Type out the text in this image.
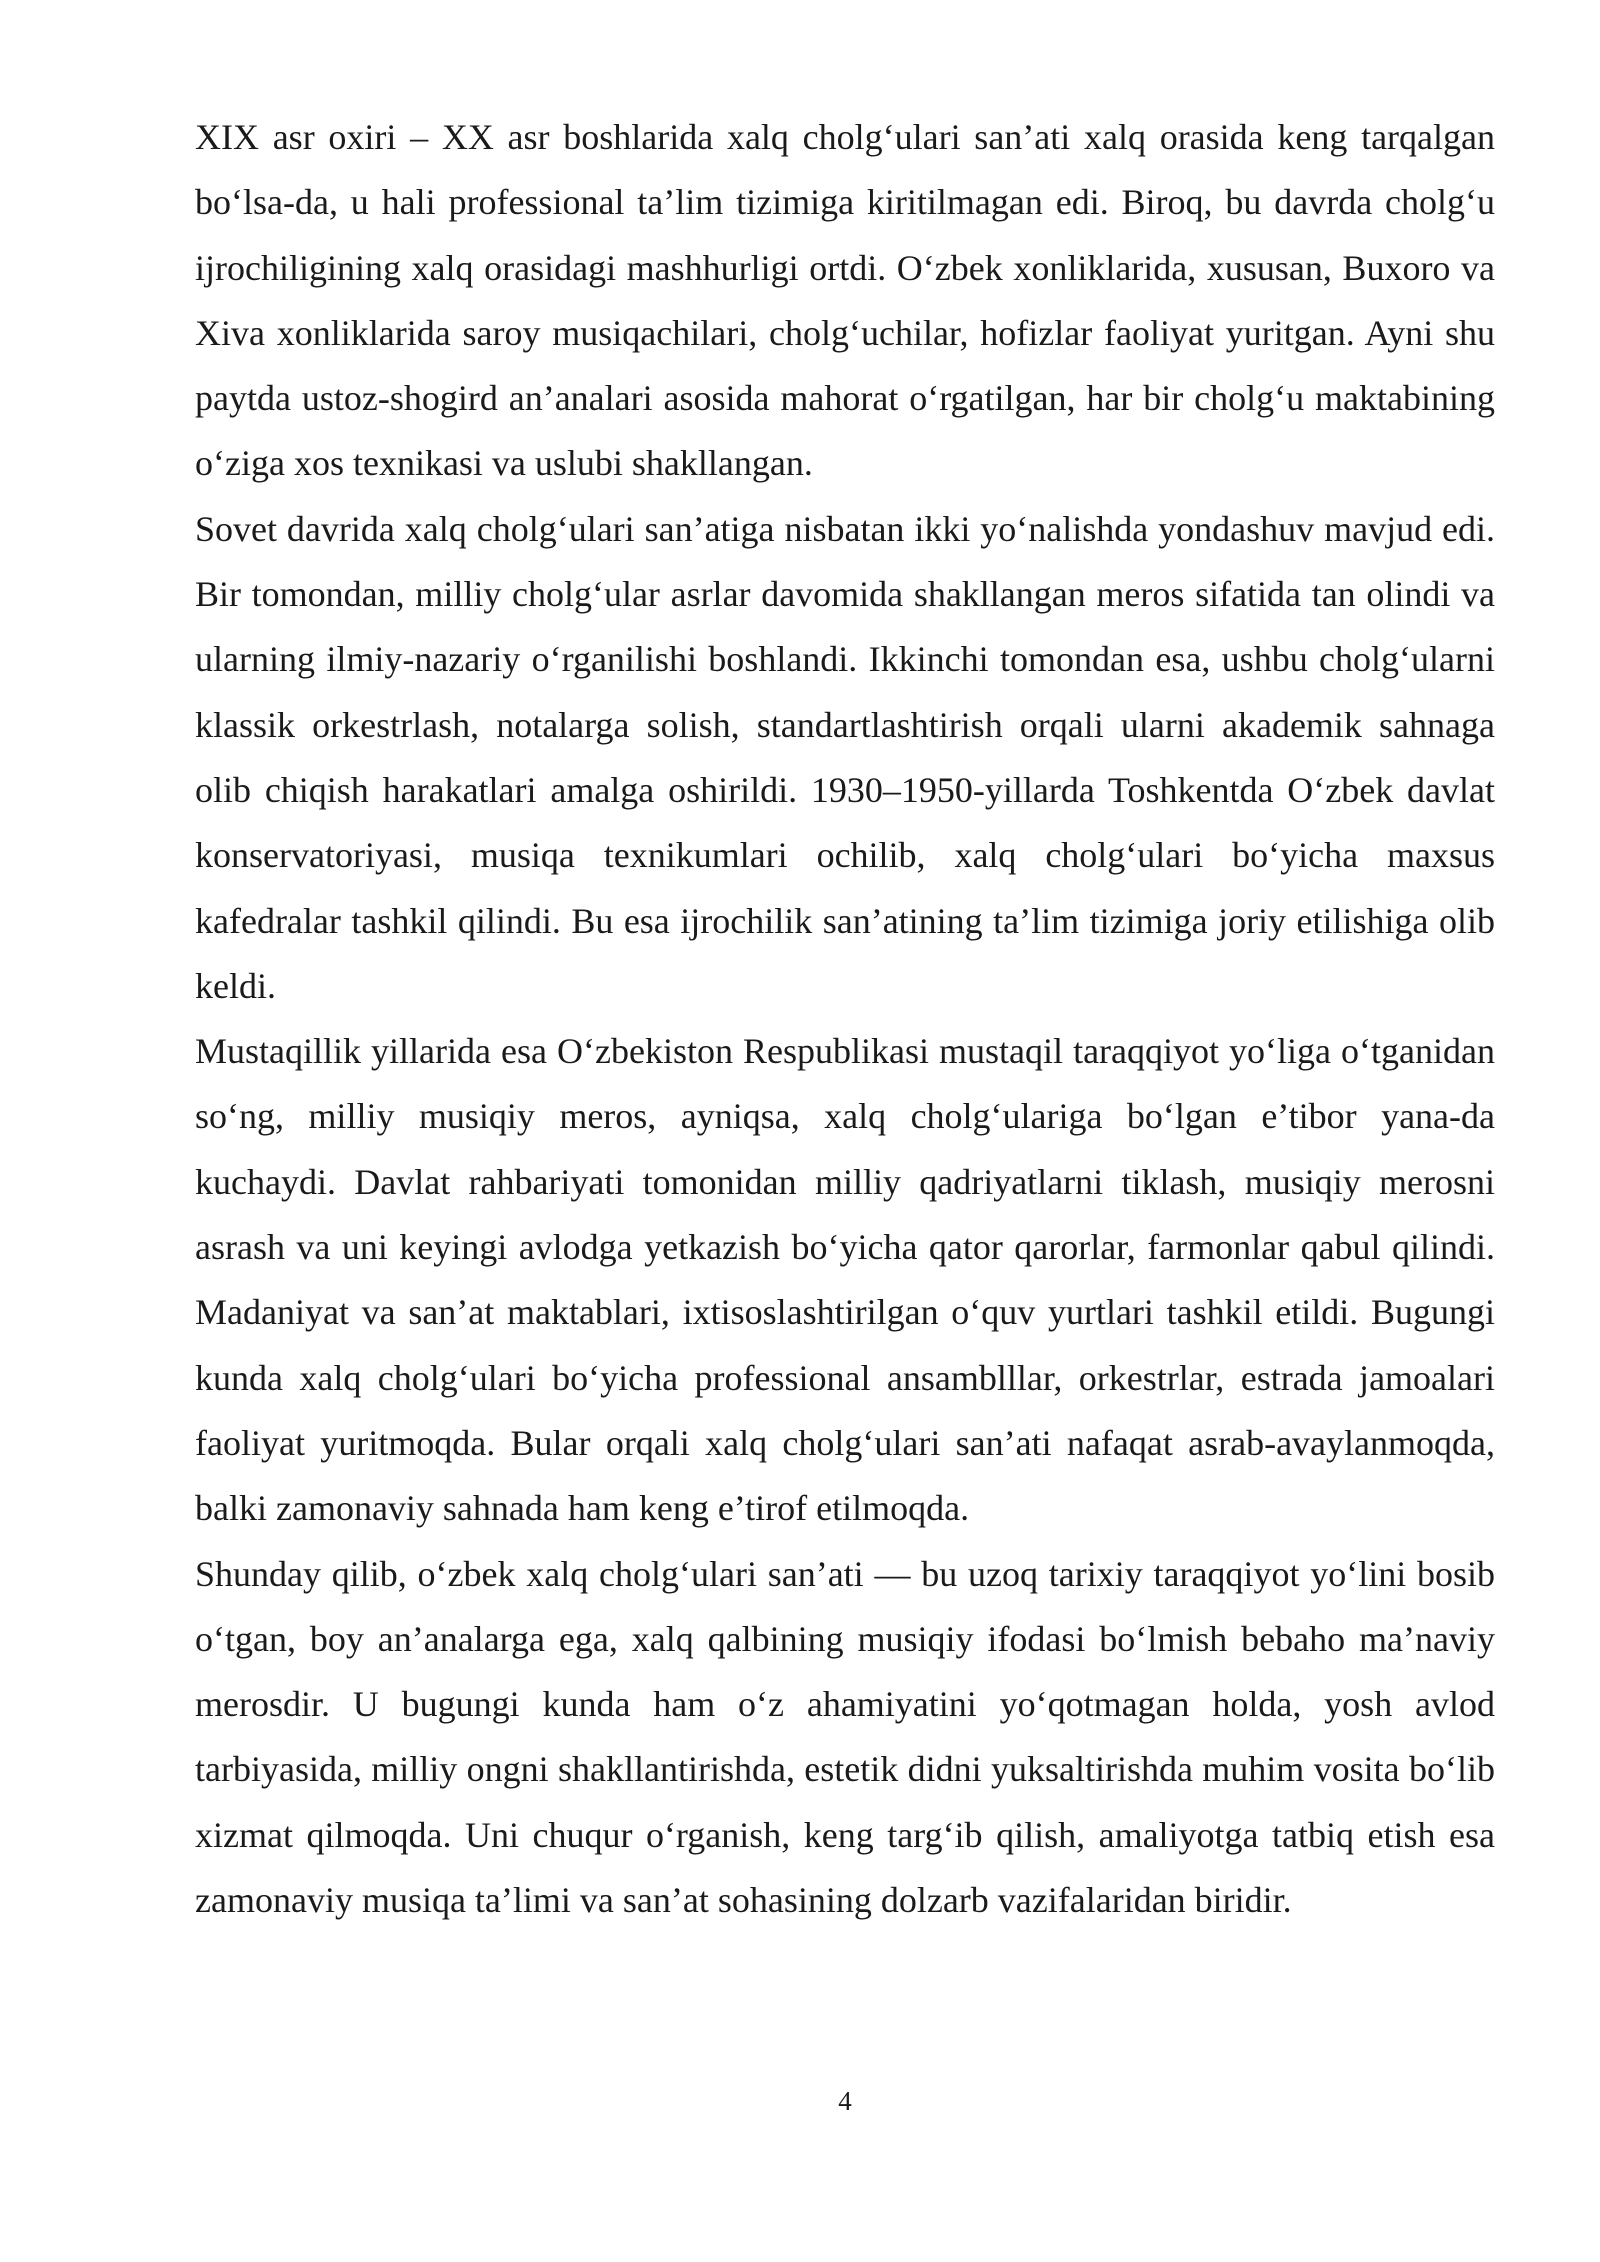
XIX asr oxiri – XX asr boshlarida xalq cholg‘ulari san’ati xalq orasida keng tarqalgan bo‘lsa-da, u hali professional ta’lim tizimiga kiritilmagan edi. Biroq, bu davrda cholg‘u ijrochiligining xalq orasidagi mashhurligi ortdi. O‘zbek xonliklarida, xususan, Buxoro va Xiva xonliklarida saroy musiqachilari, cholg‘uchilar, hofizlar faoliyat yuritgan. Ayni shu paytda ustoz-shogird an’analari asosida mahorat o‘rgatilgan, har bir cholg‘u maktabining o‘ziga xos texnikasi va uslubi shakllangan.

Sovet davrida xalq cholg‘ulari san’atiga nisbatan ikki yo‘nalishda yondashuv mavjud edi. Bir tomondan, milliy cholg‘ular asrlar davomida shakllangan meros sifatida tan olindi va ularning ilmiy-nazariy o‘rganilishi boshlandi. Ikkinchi tomondan esa, ushbu cholg‘ularni klassik orkestrlash, notalarga solish, standartlashtirish orqali ularni akademik sahnaga olib chiqish harakatlari amalga oshirildi. 1930–1950-yillarda Toshkentda O‘zbek davlat konservatoriyasi, musiqa texnikumlari ochilib, xalq cholg‘ulari bo‘yicha maxsus kafedralar tashkil qilindi. Bu esa ijrochilik san’atining ta’lim tizimiga joriy etilishiga olib keldi.

Mustaqillik yillarida esa O‘zbekiston Respublikasi mustaqil taraqqiyot yo‘liga o‘tganidan so‘ng, milliy musiqiy meros, ayniqsa, xalq cholg‘ulariga bo‘lgan e’tibor yana-da kuchaydi. Davlat rahbariyati tomonidan milliy qadriyatlarni tiklash, musiqiy merosni asrash va uni keyingi avlodga yetkazish bo‘yicha qator qarorlar, farmonlar qabul qilindi. Madaniyat va san’at maktablari, ixtisoslashtirilgan o‘quv yurtlari tashkil etildi. Bugungi kunda xalq cholg‘ulari bo‘yicha professional ansamblllar, orkestrlar, estrada jamoalari faoliyat yuritmoqda. Bular orqali xalq cholg‘ulari san’ati nafaqat asrab-avaylanmoqda, balki zamonaviy sahnada ham keng e’tirof etilmoqda.

Shunday qilib, o‘zbek xalq cholg‘ulari san’ati — bu uzoq tarixiy taraqqiyot yo‘lini bosib o‘tgan, boy an’analarga ega, xalq qalbining musiqiy ifodasi bo‘lmish bebaho ma’naviy merosdir. U bugungi kunda ham o‘z ahamiyatini yo‘qotmagan holda, yosh avlod tarbiyasida, milliy ongni shakllantirishda, estetik didni yuksaltirishda muhim vosita bo‘lib xizmat qilmoqda. Uni chuqur o‘rganish, keng targ‘ib qilish, amaliyotga tatbiq etish esa zamonaviy musiqa ta’limi va san’at sohasining dolzarb vazifalaridan biridir.

4
